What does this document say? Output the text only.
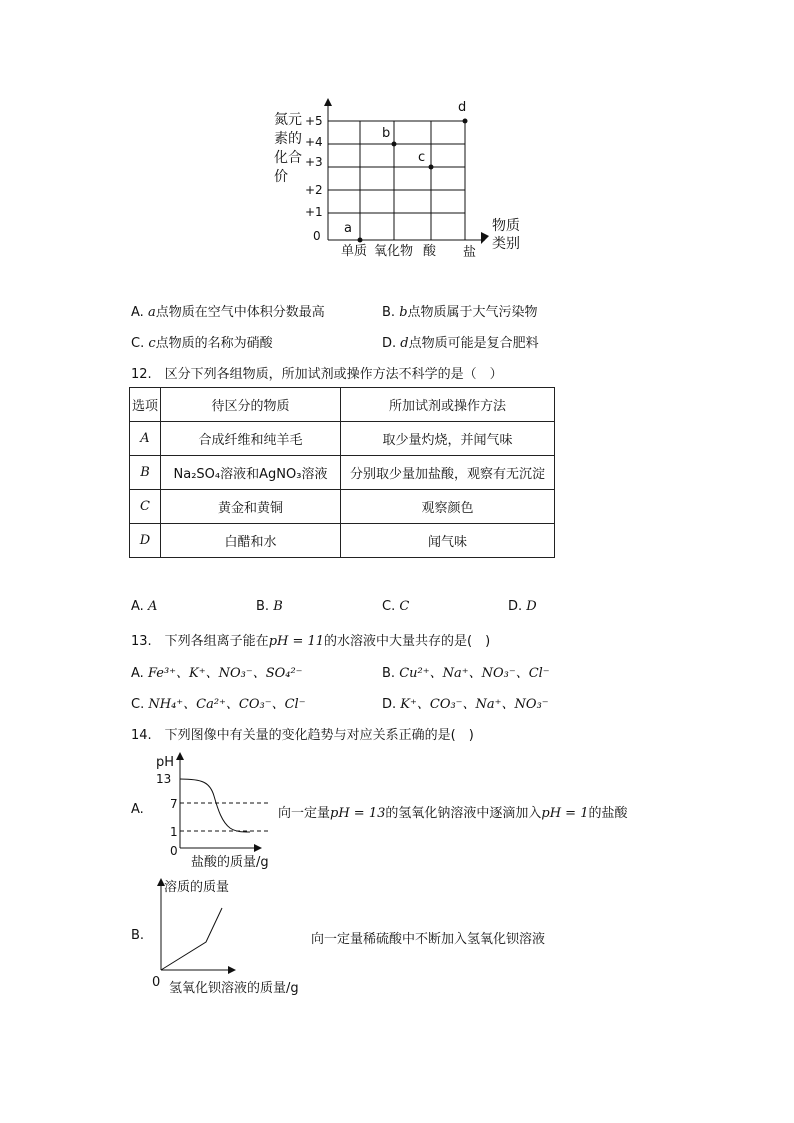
氮元
素的
化合
价
+5
+4
+3
+2
+1
0
单质 氧化物 酸 盐
物质
类别
a
b
c
d
A. a点物质在空气中体积分数最高	B. b点物质属于大气污染物
C. c点物质的名称为硝酸	D. d点物质可能是复合肥料
12.　区分下列各组物质，所加试剂或操作方法不科学的是（　）
选项	待区分的物质	所加试剂或操作方法
A	合成纤维和纯羊毛	取少量灼烧，并闻气味
B	Na₂SO₄溶液和AgNO₃溶液	分别取少量加盐酸，观察有无沉淀
C	黄金和黄铜	观察颜色
D	白醋和水	闻气味
A. A	B. B	C. C	D. D
13.　下列各组离子能在pH = 11的水溶液中大量共存的是(　)
A. Fe³⁺、K⁺、NO₃⁻、SO₄²⁻	B. Cu²⁺、Na⁺、NO₃⁻、Cl⁻
C. NH₄⁺、Ca²⁺、CO₃⁻、Cl⁻	D. K⁺、CO₃⁻、Na⁺、NO₃⁻
14.　下列图像中有关量的变化趋势与对应关系正确的是(　)
A.
pH
13
7
1
0
盐酸的质量/g
向一定量pH = 13的氢氧化钠溶液中逐滴加入pH = 1的盐酸
B.
溶质的质量
0 氢氧化钡溶液的质量/g
向一定量稀硫酸中不断加入氢氧化钡溶液
